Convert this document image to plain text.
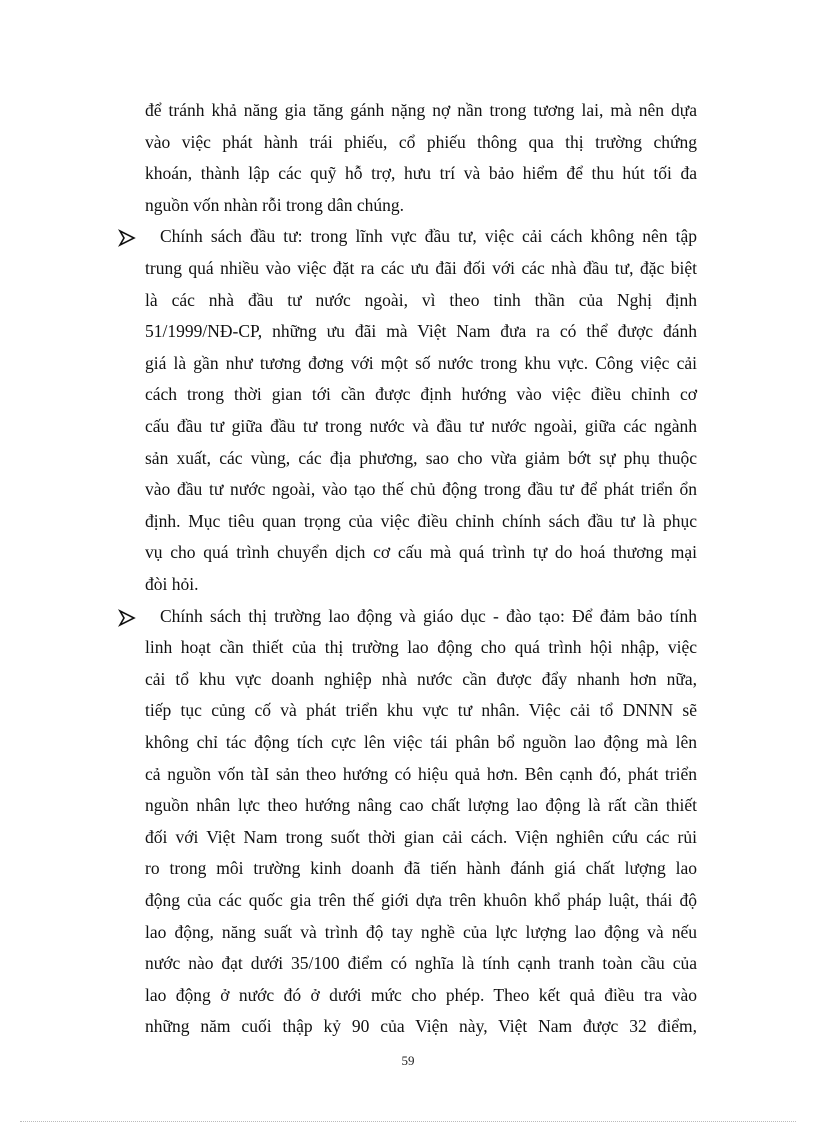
để tránh khả năng gia tăng gánh nặng nợ nần trong tương lai, mà nên dựa
vào việc phát hành trái phiếu, cổ phiếu thông qua thị trường chứng
khoán, thành lập các quỹ hỗ trợ, hưu trí và bảo hiểm để thu hút tối đa
nguồn vốn nhàn rỗi trong dân chúng.
Chính sách đầu tư: trong lĩnh vực đầu tư, việc cải cách không nên tập
trung quá nhiều vào việc đặt ra các ưu đãi đối với các nhà đầu tư, đặc biệt
là các nhà đầu tư nước ngoài, vì theo tinh thần của Nghị định
51/1999/NĐ-CP, những ưu đãi mà Việt Nam đưa ra có thể được đánh
giá là gần như tương đơng với một số nước trong khu vực. Công việc cải
cách trong thời gian tới cần được định hướng vào việc điều chỉnh cơ
cấu đầu tư giữa đầu tư trong nước và đầu tư nước ngoài, giữa các ngành
sản xuất, các vùng, các địa phương, sao cho vừa giảm bớt sự phụ thuộc
vào đầu tư nước ngoài, vào tạo thế chủ động trong đầu tư để phát triển ổn
định. Mục tiêu quan trọng của việc điều chỉnh chính sách đầu tư là phục
vụ cho quá trình chuyển dịch cơ cấu mà quá trình tự do hoá thương mại
đòi hỏi.
Chính sách thị trường lao động và giáo dục - đào tạo: Để đảm bảo tính
linh hoạt cần thiết của thị trường lao động cho quá trình hội nhập, việc
cải tổ khu vực doanh nghiệp nhà nước cần được đẩy nhanh hơn nữa,
tiếp tục củng cố và phát triển khu vực tư nhân. Việc cải tổ DNNN sẽ
không chỉ tác động tích cực lên việc tái phân bổ nguồn lao động mà lên
cả nguồn vốn tàI sản theo hướng có hiệu quả hơn. Bên cạnh đó, phát triển
nguồn nhân lực theo hướng nâng cao chất lượng lao động là rất cần thiết
đối với Việt Nam trong suốt thời gian cải cách. Viện nghiên cứu các rủi
ro trong môi trường kinh doanh đã tiến hành đánh giá chất lượng lao
động của các quốc gia trên thế giới dựa trên khuôn khổ pháp luật, thái độ
lao động, năng suất và trình độ tay nghề của lực lượng lao động và nếu
nước nào đạt dưới 35/100 điểm có nghĩa là tính cạnh tranh toàn cầu của
lao động ở nước đó ở dưới mức cho phép. Theo kết quả điều tra vào
những năm cuối thập kỷ 90 của Viện này, Việt Nam được 32 điểm,
59
